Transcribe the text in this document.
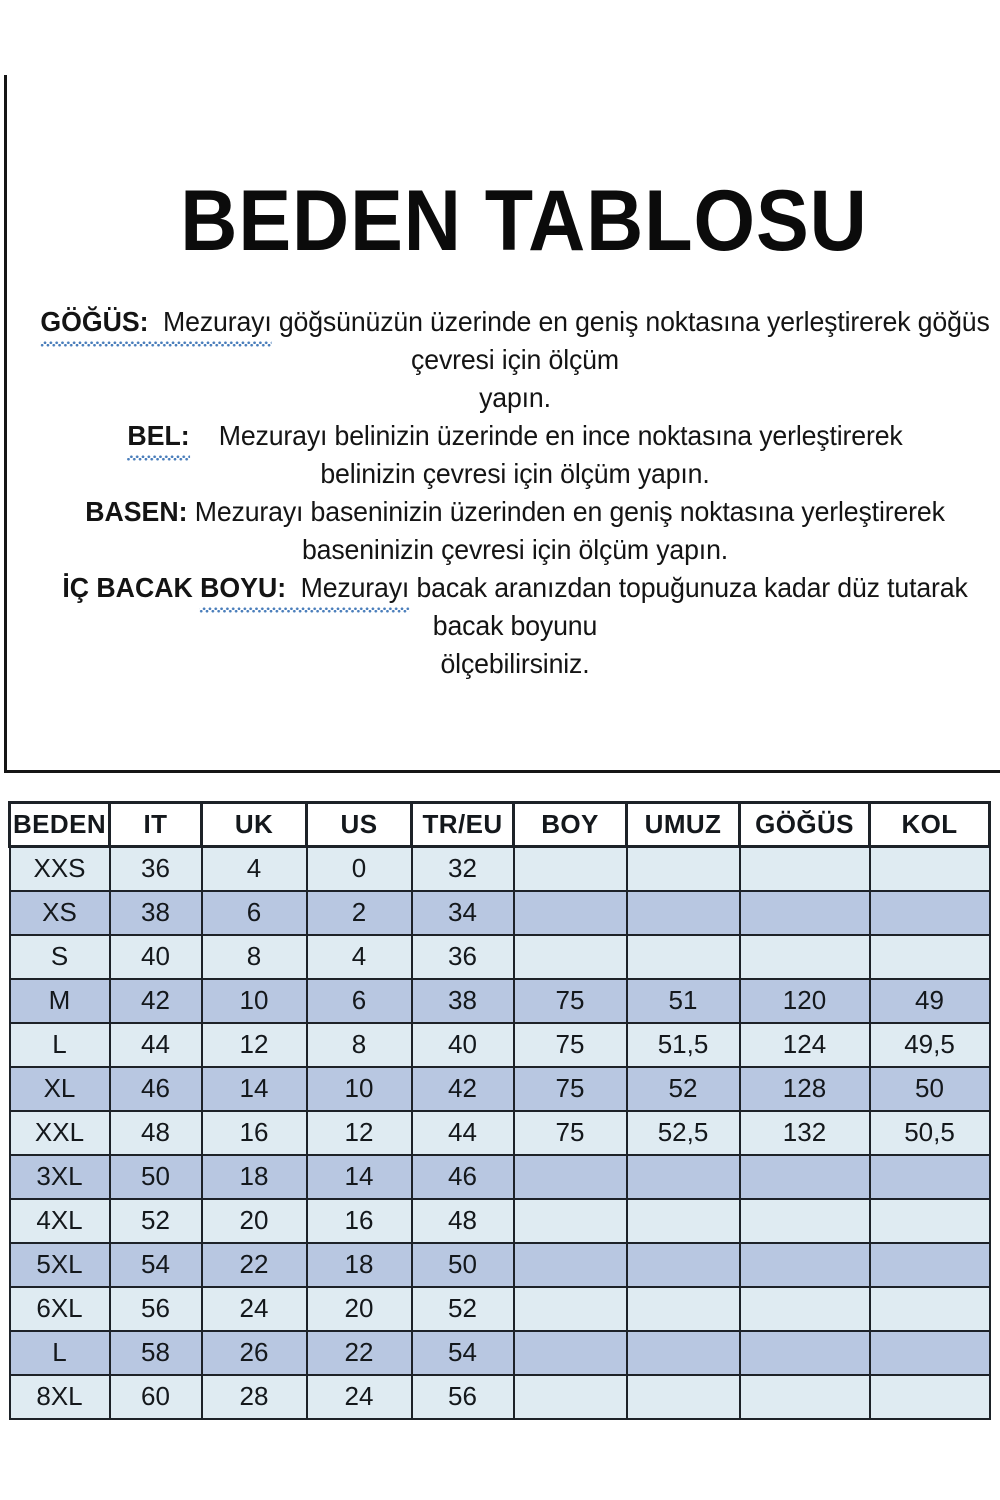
BEDEN TABLOSU

GÖĞÜS: Mezurayı göğsünüzün üzerinde en geniş noktasına yerleştirerek göğüs çevresi için ölçüm
yapın.

BEL: Mezurayı belinizin üzerinde en ince noktasına yerleştirerek
belinizin çevresi için ölçüm yapın.

BASEN: Mezurayı baseninizin üzerinden en geniş noktasına yerleştirerek
baseninizin çevresi için ölçüm yapın.

İÇ BACAK BOYU: Mezurayı bacak aranızdan topuğunuza kadar düz tutarak bacak boyunu
ölçebilirsiniz.

BEDEN	IT	UK	US	TR/EU	BOY	UMUZ	GÖĞÜS	KOL
XXS	36	4	0	32				
XS	38	6	2	34				
S	40	8	4	36				
M	42	10	6	38	75	51	120	49
L	44	12	8	40	75	51,5	124	49,5
XL	46	14	10	42	75	52	128	50
XXL	48	16	12	44	75	52,5	132	50,5
3XL	50	18	14	46				
4XL	52	20	16	48				
5XL	54	22	18	50				
6XL	56	24	20	52				
L	58	26	22	54				
8XL	60	28	24	56				
